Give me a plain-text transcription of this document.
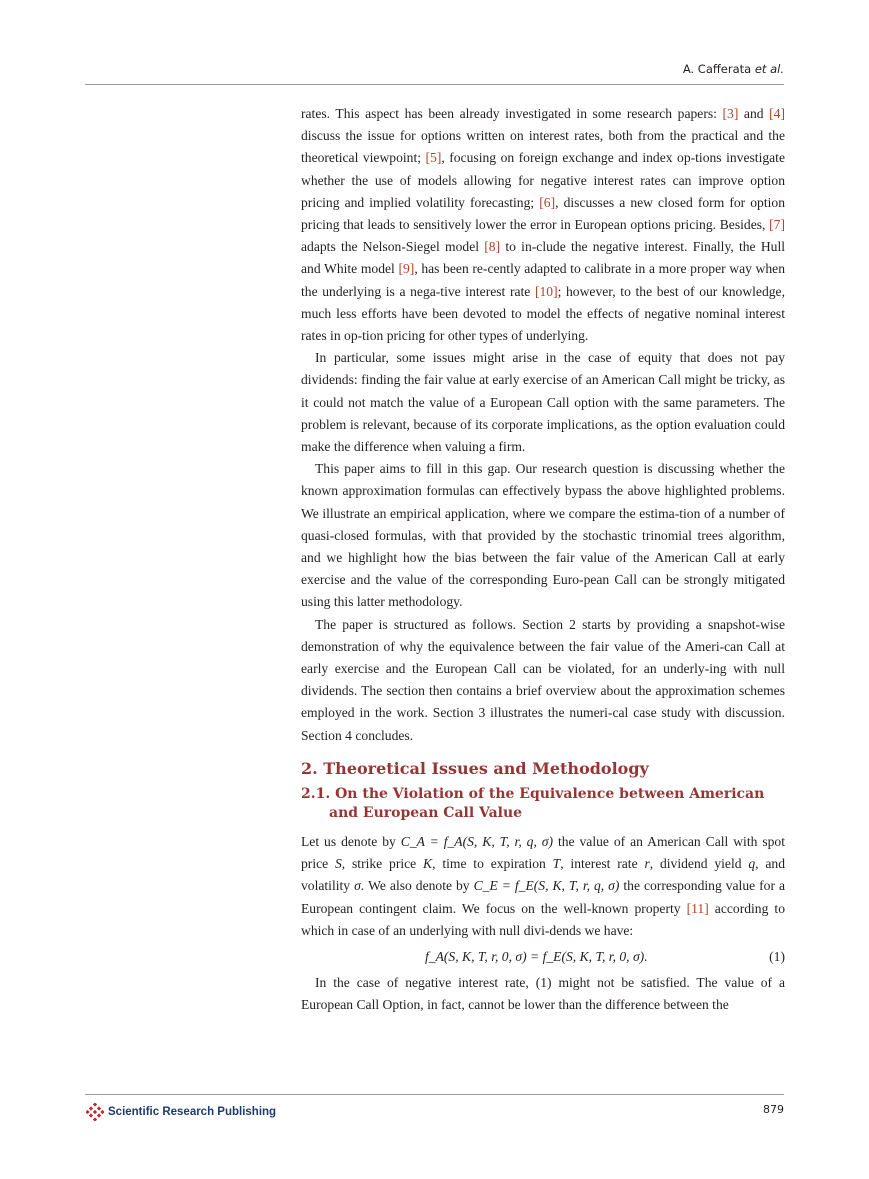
A. Cafferata et al.

rates. This aspect has been already investigated in some research papers: [3] and [4] discuss the issue for options written on interest rates, both from the practical and the theoretical viewpoint; [5], focusing on foreign exchange and index op-tions investigate whether the use of models allowing for negative interest rates can improve option pricing and implied volatility forecasting; [6], discusses a new closed form for option pricing that leads to sensitively lower the error in European options pricing. Besides, [7] adapts the Nelson-Siegel model [8] to in-clude the negative interest. Finally, the Hull and White model [9], has been re-cently adapted to calibrate in a more proper way when the underlying is a nega-tive interest rate [10]; however, to the best of our knowledge, much less efforts have been devoted to model the effects of negative nominal interest rates in op-tion pricing for other types of underlying.

In particular, some issues might arise in the case of equity that does not pay dividends: finding the fair value at early exercise of an American Call might be tricky, as it could not match the value of a European Call option with the same parameters. The problem is relevant, because of its corporate implications, as the option evaluation could make the difference when valuing a firm.

This paper aims to fill in this gap. Our research question is discussing whether the known approximation formulas can effectively bypass the above highlighted problems. We illustrate an empirical application, where we compare the estima-tion of a number of quasi-closed formulas, with that provided by the stochastic trinomial trees algorithm, and we highlight how the bias between the fair value of the American Call at early exercise and the value of the corresponding Euro-pean Call can be strongly mitigated using this latter methodology.

The paper is structured as follows. Section 2 starts by providing a snapshot-wise demonstration of why the equivalence between the fair value of the Ameri-can Call at early exercise and the European Call can be violated, for an underly-ing with null dividends. The section then contains a brief overview about the approximation schemes employed in the work. Section 3 illustrates the numeri-cal case study with discussion. Section 4 concludes.

2. Theoretical Issues and Methodology
2.1. On the Violation of the Equivalence between American
and European Call Value

Let us denote by C_A = f_A(S, K, T, r, q, σ) the value of an American Call with spot price S, strike price K, time to expiration T, interest rate r, dividend yield q, and volatility σ. We also denote by C_E = f_E(S, K, T, r, q, σ) the corresponding value for a European contingent claim. We focus on the well-known property [11] according to which in case of an underlying with null divi-dends we have:

f_A(S, K, T, r, 0, σ) = f_E(S, K, T, r, 0, σ).	(1)

In the case of negative interest rate, (1) might not be satisfied. The value of a European Call Option, in fact, cannot be lower than the difference between the

Scientific Research Publishing	879
